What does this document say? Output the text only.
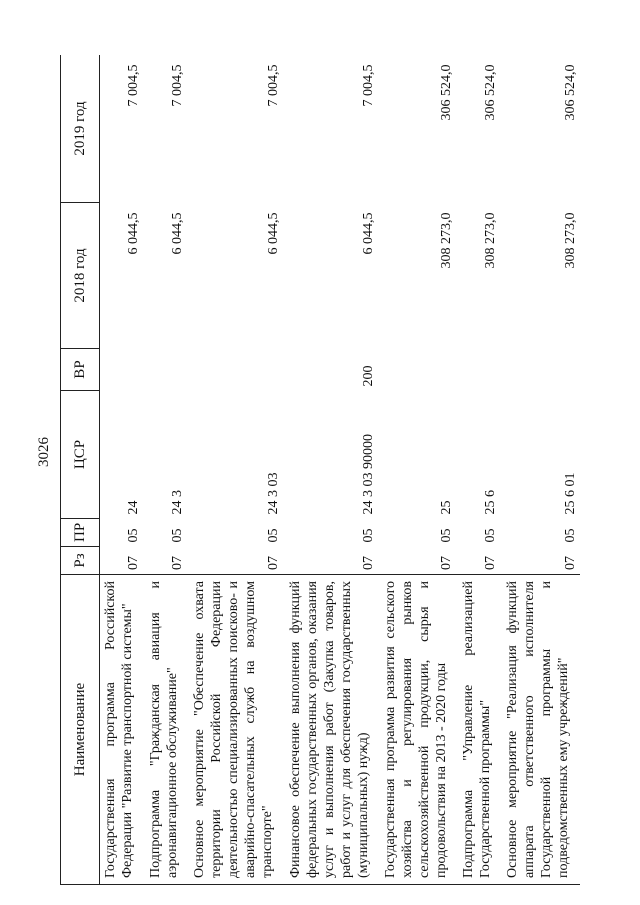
3026
Наименование	Рз	ПР	ЦСР	ВР	2018 год	2019 год
Государственная программа Российской Федерации "Развитие транспортной системы"	07	05	24		6 044,5	7 004,5
Подпрограмма "Гражданская авиация и аэронавигационное обслуживание"	07	05	24 3		6 044,5	7 004,5
Основное мероприятие "Обеспечение охвата территории Российской Федерации деятельностью специализированных поисково- и аварийно-спасательных служб на воздушном транспорте"	07	05	24 3 03		6 044,5	7 004,5
Финансовое обеспечение выполнения функций федеральных государственных органов, оказания услуг и выполнения работ (Закупка товаров, работ и услуг для обеспечения государственных (муниципальных) нужд)	07	05	24 3 03 90000	200	6 044,5	7 004,5
Государственная программа развития сельского хозяйства и регулирования рынков сельскохозяйственной продукции, сырья и продовольствия на 2013 - 2020 годы	07	05	25		308 273,0	306 524,0
Подпрограмма "Управление реализацией Государственной программы"	07	05	25 6		308 273,0	306 524,0
Основное мероприятие "Реализация функций аппарата ответственного исполнителя Государственной программы и подведомственных ему учреждений"	07	05	25 6 01		308 273,0	306 524,0
